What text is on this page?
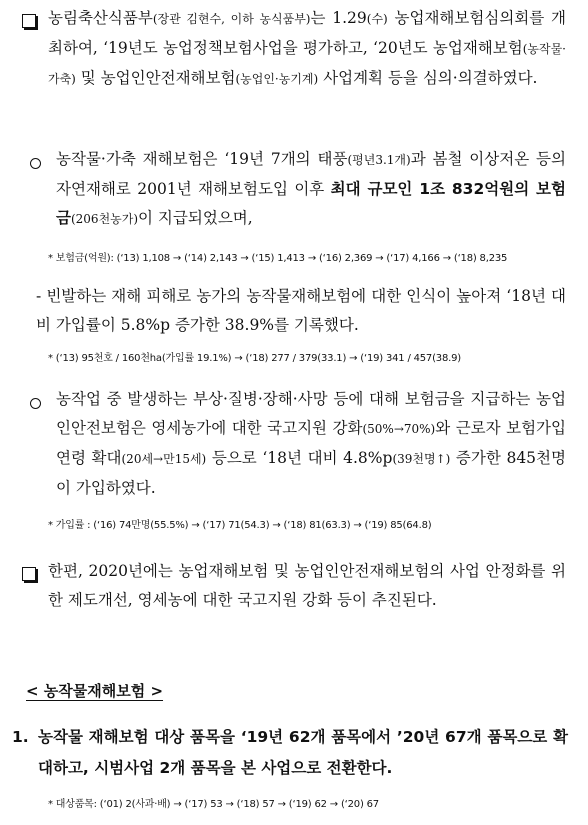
농림축산식품부(장관 김현수, 이하 농식품부)는 1.29(수) 농업재해보험심의회를 개최하여, ‘19년도 농업정책보험사업을 평가하고, ‘20년도 농업재해보험(농작물·가축) 및 농업인안전재해보험(농업인·농기계) 사업계획 등을 심의·의결하였다.
농작물·가축 재해보험은 ‘19년 7개의 태풍(평년3.1개)과 봄철 이상저온 등의 자연재해로 2001년 재해보험도입 이후 최대 규모인 1조 832억원의 보험금(206천농가)이 지급되었으며,
* 보험금(억원): (‘13) 1,108 → (‘14) 2,143 → (‘15) 1,413 → (‘16) 2,369 → (‘17) 4,166 → (‘18) 8,235
- 빈발하는 재해 피해로 농가의 농작물재해보험에 대한 인식이 높아져 ‘18년 대비 가입률이 5.8%p 증가한 38.9%를 기록했다.
* (‘13) 95천호 / 160천ha(가입률 19.1%) → (‘18) 277 / 379(33.1) → (‘19) 341 / 457(38.9)
농작업 중 발생하는 부상·질병·장해·사망 등에 대해 보험금을 지급하는 농업인안전보험은 영세농가에 대한 국고지원 강화(50%→70%)와 근로자 보험가입 연령 확대(20세→만15세) 등으로 ‘18년 대비 4.8%p(39천명↑) 증가한 845천명이 가입하였다.
* 가입률 : (‘16) 74만명(55.5%) → (‘17) 71(54.3) → (‘18) 81(63.3) → (‘19) 85(64.8)
한편, 2020년에는 농업재해보험 및 농업인안전재해보험의 사업 안정화를 위한 제도개선, 영세농에 대한 국고지원 강화 등이 추진된다.
< 농작물재해보험 >
1. 농작물 재해보험 대상 품목을 ‘19년 62개 품목에서 ’20년 67개 품목으로 확대하고, 시범사업 2개 품목을 본 사업으로 전환한다.
* 대상품목: (‘01) 2(사과·배) → (‘17) 53 → (‘18) 57 → (‘19) 62 → (‘20) 67
